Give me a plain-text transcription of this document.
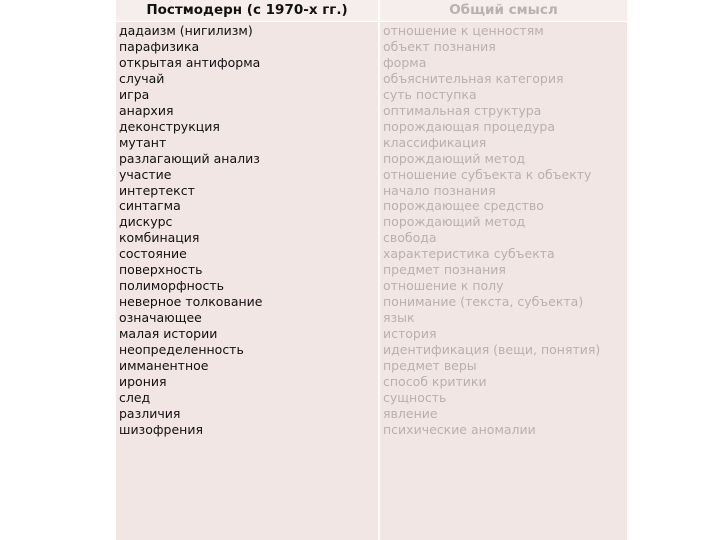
Постмодерн (с 1970-х гг.)	Общий смысл
дадаизм (нигилизм)
парафизика
открытая антиформа
случай
игра
анархия
деконструкция
мутант
разлагающий анализ
участие
интертекст
синтагма
дискурс
комбинация
состояние
поверхность
полиморфность
неверное толкование
означающее
малая истории
неопределенность
имманентное
ирония
след
различия
шизофрения
отношение к ценностям
объект познания
форма
объяснительная категория
суть поступка
оптимальная структура
порождающая процедура
классификация
порождающий метод
отношение субъекта к объекту
начало познания
порождающее средство
порождающий метод
свобода
характеристика субъекта
предмет познания
отношение к полу
понимание (текста, субъекта)
язык
история
идентификация (вещи, понятия)
предмет веры
способ критики
сущность
явление
психические аномалии
